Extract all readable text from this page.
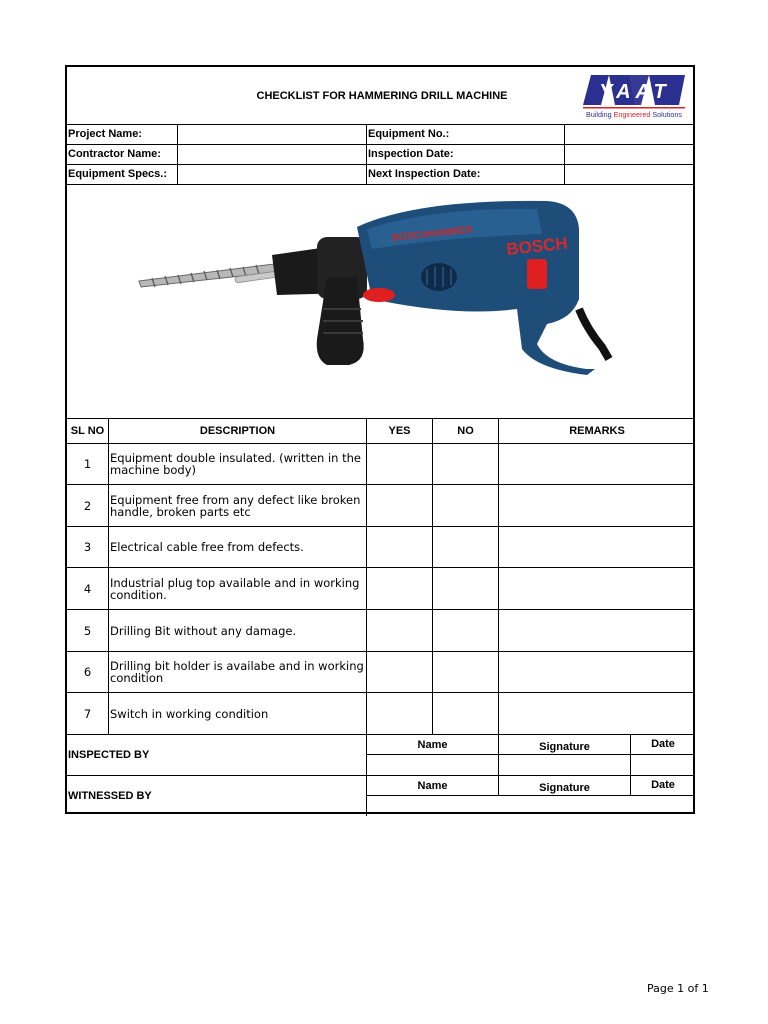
CHECKLIST FOR HAMMERING DRILL MACHINE	YAAT
Building Engineered Solutions
Project Name:
Contractor Name:
Equipment Specs.:
Equipment No.:
Inspection Date:
Next Inspection Date:
BOSCHHAMMER BOSCH
SL NO	DESCRIPTION	YES	NO	REMARKS
1	Equipment double insulated. (written in the
machine body)
2	Equipment free from any defect like broken
handle, broken parts etc
3	Electrical cable free from defects.
4	Industrial plug top available and in working
condition.
5	Drilling Bit without any damage.
6	Drilling bit holder is availabe and in working
condition
7	Switch in working condition
INSPECTED BY
Name	Signature	Date
WITNESSED BY
Name	Signature	Date
Page 1 of 1
